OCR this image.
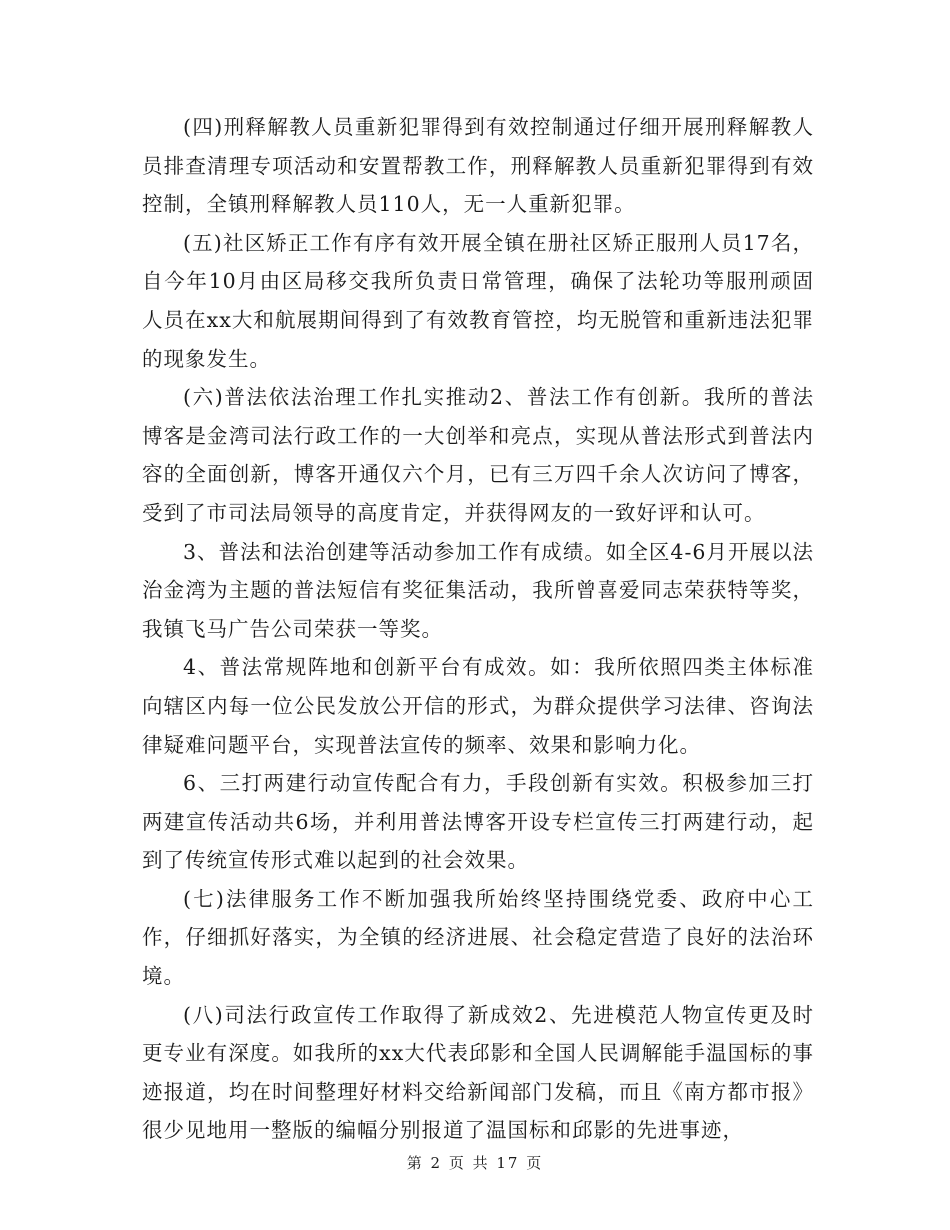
(四)刑释解教人员重新犯罪得到有效控制通过仔细开展刑释解教人员排查清理专项活动和安置帮教工作，刑释解教人员重新犯罪得到有效控制，全镇刑释解教人员110人，无一人重新犯罪。

(五)社区矫正工作有序有效开展全镇在册社区矫正服刑人员17名，自今年10月由区局移交我所负责日常管理，确保了法轮功等服刑顽固人员在xx大和航展期间得到了有效教育管控，均无脱管和重新违法犯罪的现象发生。

(六)普法依法治理工作扎实推动2、普法工作有创新。我所的普法博客是金湾司法行政工作的一大创举和亮点，实现从普法形式到普法内容的全面创新，博客开通仅六个月，已有三万四千余人次访问了博客，受到了市司法局领导的高度肯定，并获得网友的一致好评和认可。

3、普法和法治创建等活动参加工作有成绩。如全区4-6月开展以法治金湾为主题的普法短信有奖征集活动，我所曾喜爱同志荣获特等奖，我镇飞马广告公司荣获一等奖。

4、普法常规阵地和创新平台有成效。如：我所依照四类主体标准向辖区内每一位公民发放公开信的形式，为群众提供学习法律、咨询法律疑难问题平台，实现普法宣传的频率、效果和影响力化。

6、三打两建行动宣传配合有力，手段创新有实效。积极参加三打两建宣传活动共6场，并利用普法博客开设专栏宣传三打两建行动，起到了传统宣传形式难以起到的社会效果。

(七)法律服务工作不断加强我所始终坚持围绕党委、政府中心工作，仔细抓好落实，为全镇的经济进展、社会稳定营造了良好的法治环境。

(八)司法行政宣传工作取得了新成效2、先进模范人物宣传更及时更专业有深度。如我所的xx大代表邱影和全国人民调解能手温国标的事迹报道，均在时间整理好材料交给新闻部门发稿，而且《南方都市报》很少见地用一整版的编幅分别报道了温国标和邱影的先进事迹，

第 2 页 共 17 页
